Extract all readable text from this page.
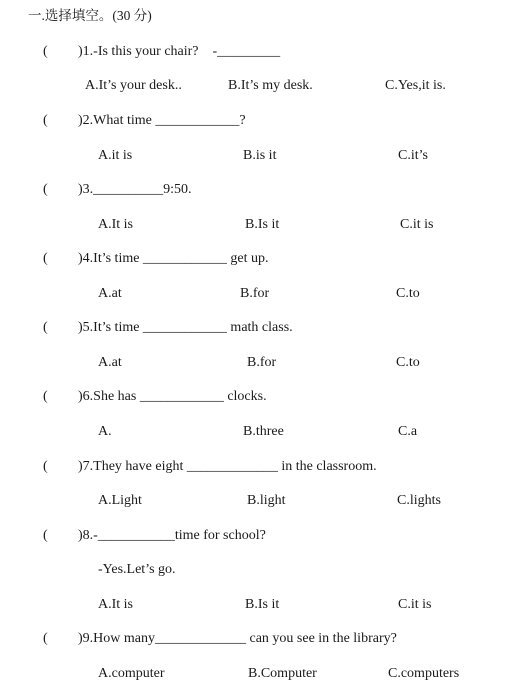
一.选择填空。(30 分)
( )1.-Is this your chair?    -_________
A.It’s your desk..	B.It’s my desk.	C.Yes,it is.
( )2.What time ____________?
A.it is	B.is it	C.it’s
( )3.__________9:50.
A.It is	B.Is it	C.it is
( )4.It’s time ____________ get up.
A.at	B.for	C.to
( )5.It’s time ____________ math class.
A.at	B.for	C.to
( )6.She has ____________ clocks.
A.	B.three	C.a
( )7.They have eight _____________ in the classroom.
A.Light	B.light	C.lights
( )8.-___________time for school?
-Yes.Let’s go.
A.It is	B.Is it	C.it is
( )9.How many_____________ can you see in the library?
A.computer	B.Computer	C.computers
